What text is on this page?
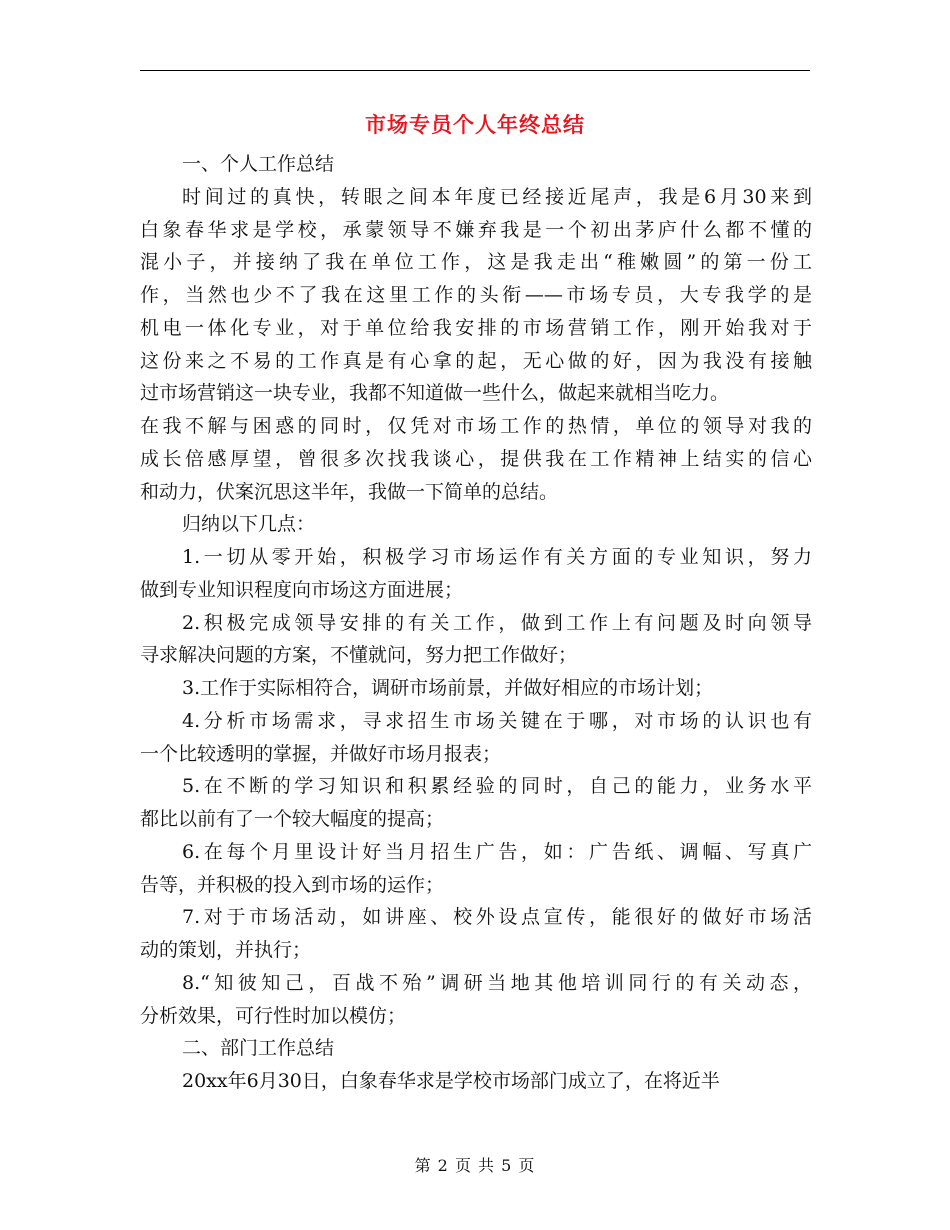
市场专员个人年终总结
一、个人工作总结
时间过的真快，转眼之间本年度已经接近尾声，我是6月30来到
白象春华求是学校，承蒙领导不嫌弃我是一个初出茅庐什么都不懂的
混小子，并接纳了我在单位工作，这是我走出“稚嫩圆”的第一份工
作，当然也少不了我在这里工作的头衔——市场专员，大专我学的是
机电一体化专业，对于单位给我安排的市场营销工作，刚开始我对于
这份来之不易的工作真是有心拿的起，无心做的好，因为我没有接触
过市场营销这一块专业，我都不知道做一些什么，做起来就相当吃力。
在我不解与困惑的同时，仅凭对市场工作的热情，单位的领导对我的
成长倍感厚望，曾很多次找我谈心，提供我在工作精神上结实的信心
和动力，伏案沉思这半年，我做一下简单的总结。
归纳以下几点：
1.一切从零开始，积极学习市场运作有关方面的专业知识，努力
做到专业知识程度向市场这方面进展；
2.积极完成领导安排的有关工作，做到工作上有问题及时向领导
寻求解决问题的方案，不懂就问，努力把工作做好；
3.工作于实际相符合，调研市场前景，并做好相应的市场计划；
4.分析市场需求，寻求招生市场关键在于哪，对市场的认识也有
一个比较透明的掌握，并做好市场月报表；
5.在不断的学习知识和积累经验的同时，自己的能力，业务水平
都比以前有了一个较大幅度的提高；
6.在每个月里设计好当月招生广告，如：广告纸、调幅、写真广
告等，并积极的投入到市场的运作；
7.对于市场活动，如讲座、校外设点宣传，能很好的做好市场活
动的策划，并执行；
8.“知彼知己，百战不殆”调研当地其他培训同行的有关动态，
分析效果，可行性时加以模仿；
二、部门工作总结
20xx年6月30日，白象春华求是学校市场部门成立了，在将近半
第 2 页 共 5 页
